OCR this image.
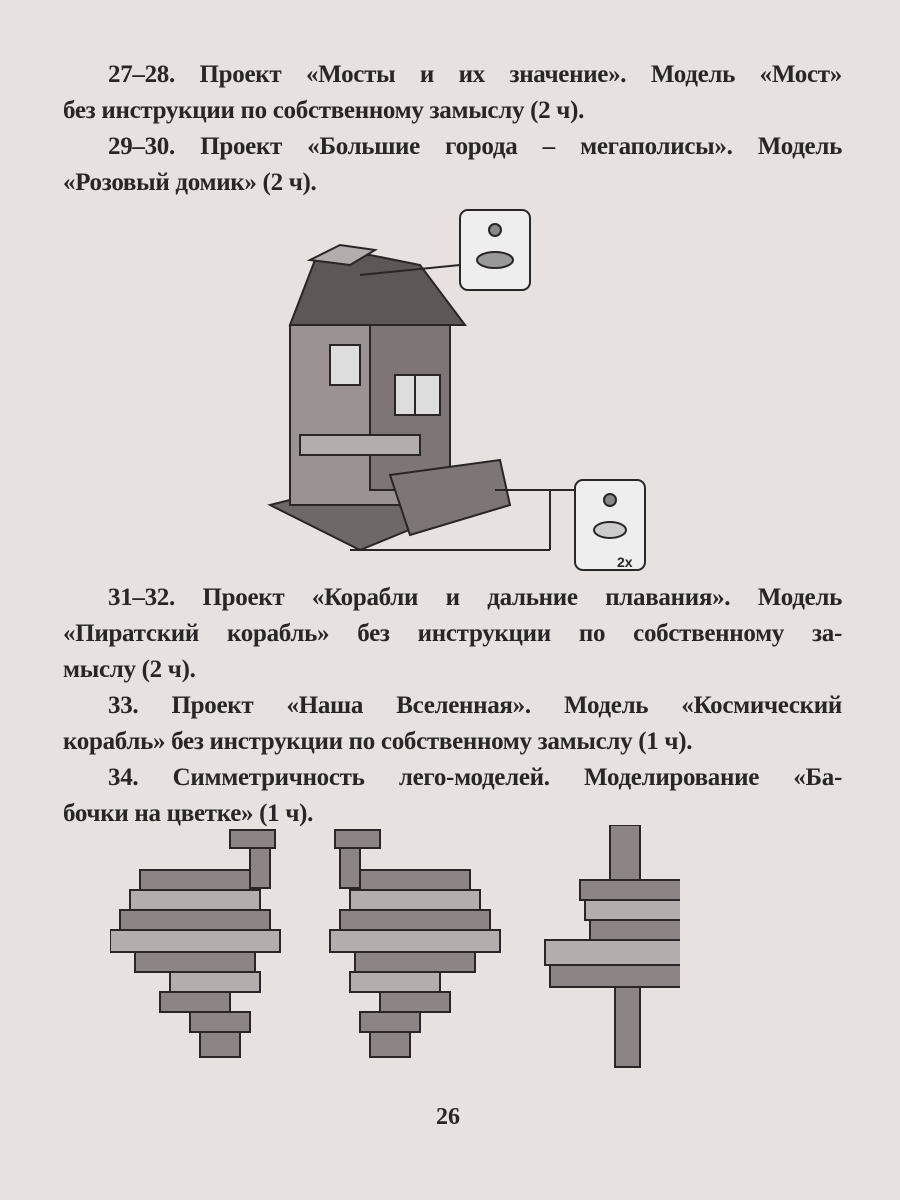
27–28. Проект «Мосты и их значение». Модель «Мост»
без инструкции по собственному замыслу (2 ч).
29–30. Проект «Большие города – мегаполисы». Модель
«Розовый домик» (2 ч).
2x
31–32. Проект «Корабли и дальние плавания». Модель
«Пиратский корабль» без инструкции по собственному за-
мыслу (2 ч).
33. Проект «Наша Вселенная». Модель «Космический
корабль» без инструкции по собственному замыслу (1 ч).
34. Симметричность лего-моделей. Моделирование «Ба-
бочки на цветке» (1 ч).
26
